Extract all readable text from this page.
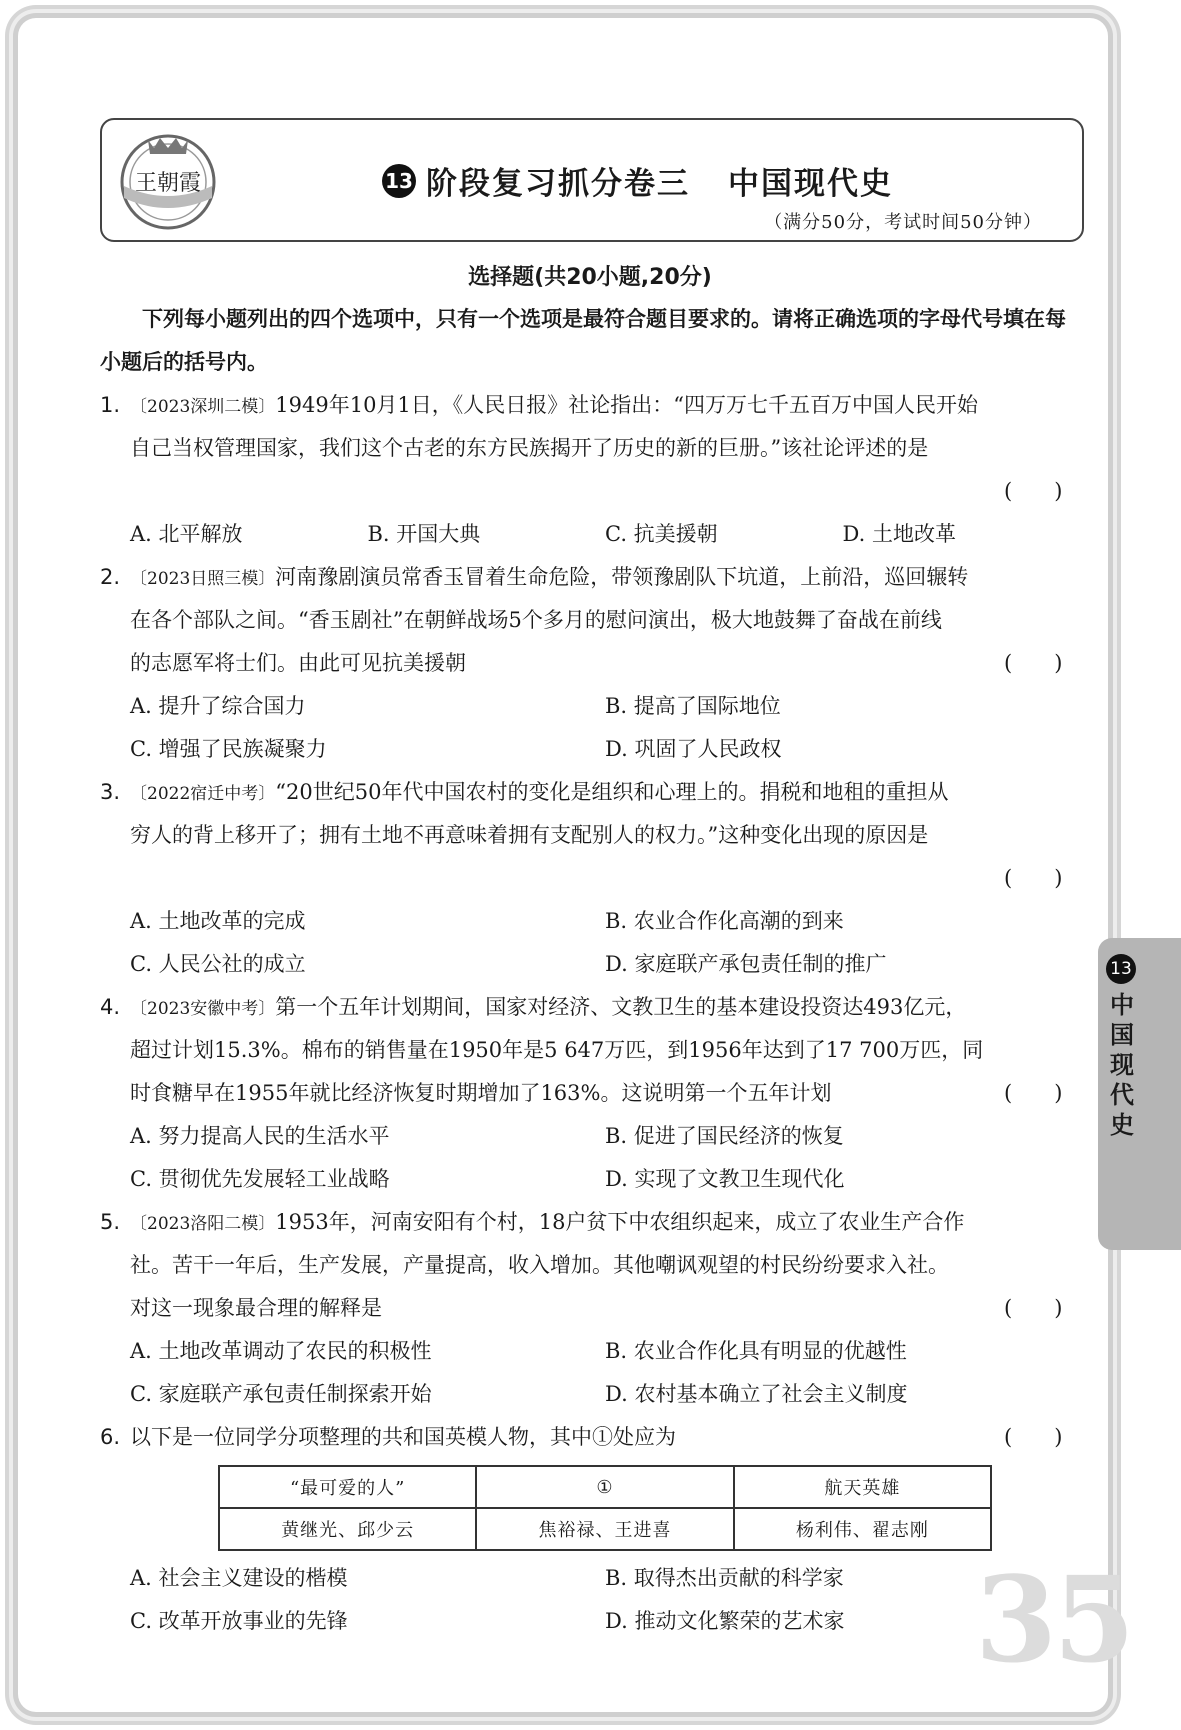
王朝霞	13 阶段复习抓分卷三 中国现代史
（满分50分，考试时间50分钟）
选择题(共20小题,20分)

下列每小题列出的四个选项中，只有一个选项是最符合题目要求的。请将正确选项的字母代号填在每小题后的括号内。

1. 〔2023深圳二模〕1949年10月1日，《人民日报》社论指出：“四万万七千五百万中国人民开始
自己当权管理国家，我们这个古老的东方民族揭开了历史的新的巨册。”该社论评述的是
(   )
A. 北平解放	B. 开国大典	C. 抗美援朝	D. 土地改革
2. 〔2023日照三模〕河南豫剧演员常香玉冒着生命危险，带领豫剧队下坑道，上前沿，巡回辗转
在各个部队之间。“香玉剧社”在朝鲜战场5个多月的慰问演出，极大地鼓舞了奋战在前线
的志愿军将士们。由此可见抗美援朝	(   )
A. 提升了综合国力	B. 提高了国际地位
C. 增强了民族凝聚力	D. 巩固了人民政权
3. 〔2022宿迁中考〕“20世纪50年代中国农村的变化是组织和心理上的。捐税和地租的重担从
穷人的背上移开了；拥有土地不再意味着拥有支配别人的权力。”这种变化出现的原因是
(   )
A. 土地改革的完成	B. 农业合作化高潮的到来
C. 人民公社的成立	D. 家庭联产承包责任制的推广
4. 〔2023安徽中考〕第一个五年计划期间，国家对经济、文教卫生的基本建设投资达493亿元，
超过计划15.3%。棉布的销售量在1950年是5 647万匹，到1956年达到了17 700万匹，同
时食糖早在1955年就比经济恢复时期增加了163%。这说明第一个五年计划	(   )
A. 努力提高人民的生活水平	B. 促进了国民经济的恢复
C. 贯彻优先发展轻工业战略	D. 实现了文教卫生现代化
5. 〔2023洛阳二模〕1953年，河南安阳有个村，18户贫下中农组织起来，成立了农业生产合作
社。苦干一年后，生产发展，产量提高，收入增加。其他嘲讽观望的村民纷纷要求入社。
对这一现象最合理的解释是	(   )
A. 土地改革调动了农民的积极性	B. 农业合作化具有明显的优越性
C. 家庭联产承包责任制探索开始	D. 农村基本确立了社会主义制度
6. 以下是一位同学分项整理的共和国英模人物，其中①处应为	(   )
“最可爱的人”	①	航天英雄
黄继光、邱少云	焦裕禄、王进喜	杨利伟、翟志刚
A. 社会主义建设的楷模	B. 取得杰出贡献的科学家
C. 改革开放事业的先锋	D. 推动文化繁荣的艺术家
13
中国现代史
35
